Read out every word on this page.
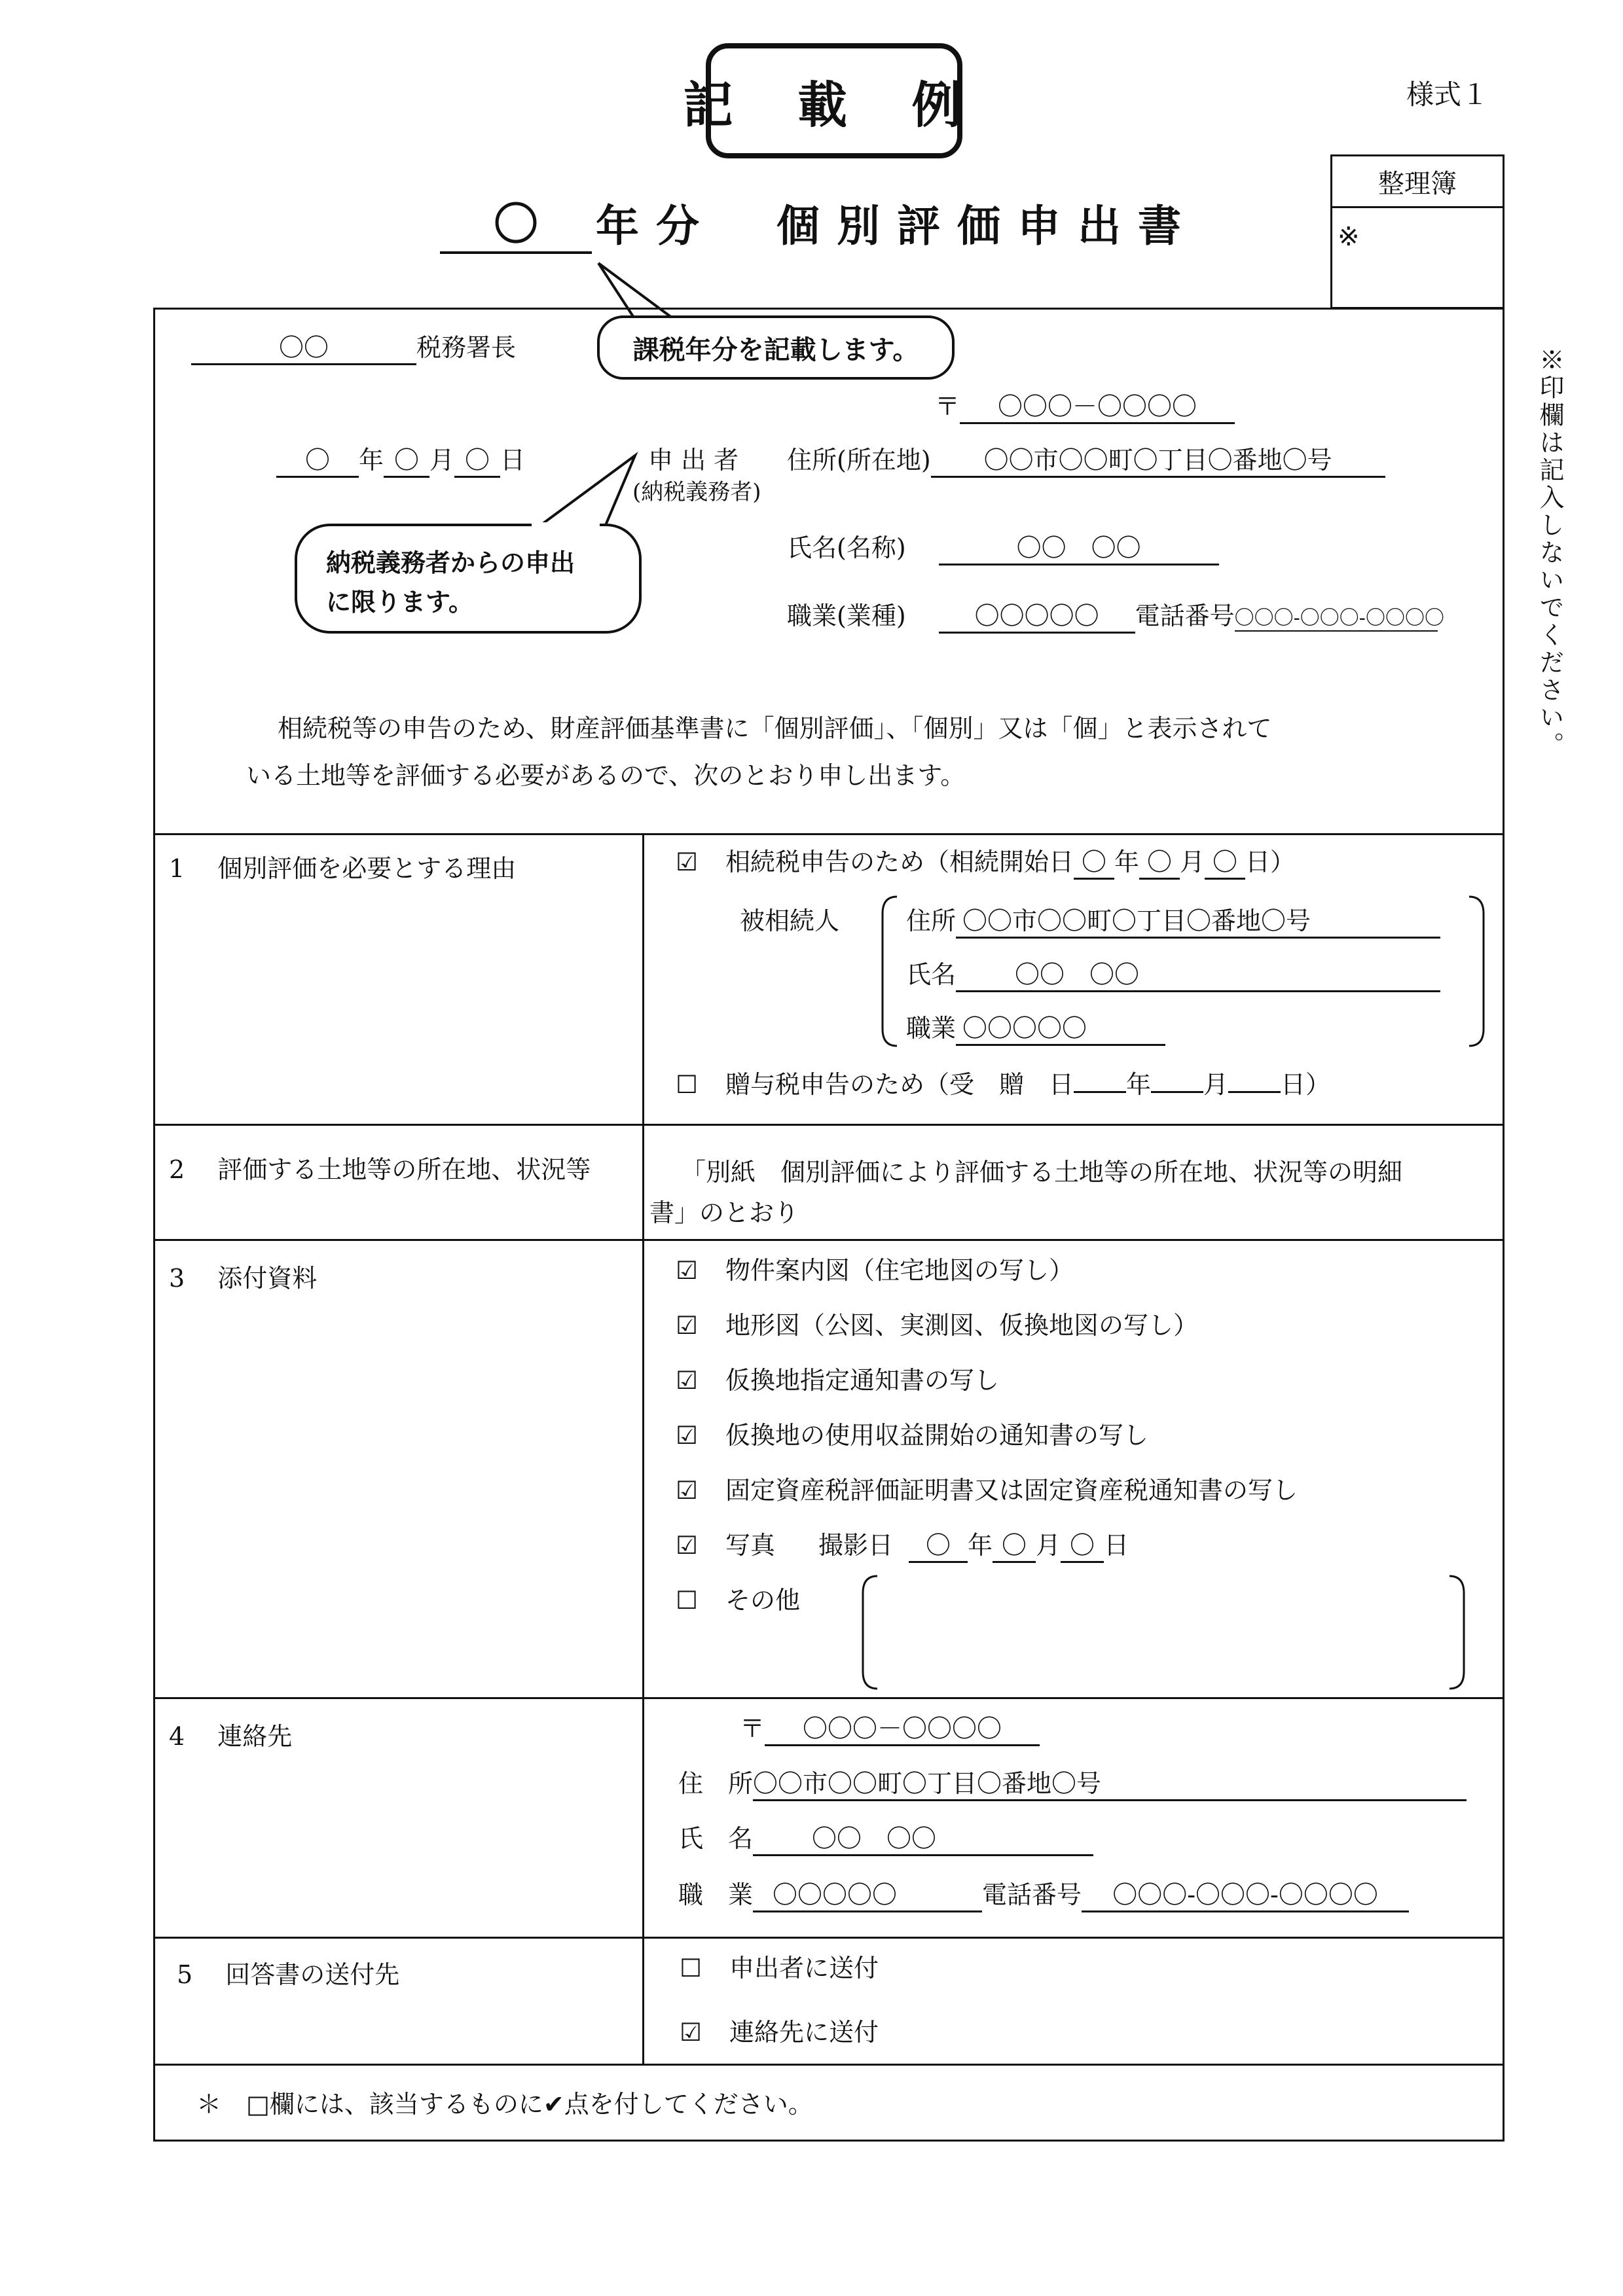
記 載 例	様式１
整理簿
※
〇	年分　個別評価申出書
課税年分を記載します。
〇〇	税務署長
〒 〇〇〇－〇〇〇〇
〇 年 〇 月 〇 日	申 出 者
(納税義務者)
住所(所在地) 〇〇市〇〇町〇丁目〇番地〇号
氏名(名称)	〇〇　〇〇
職業(業種)	〇〇〇〇〇 電話番号〇〇〇-〇〇〇-〇〇〇〇
納税義務者からの申出
に限ります。
相続税等の申告のため、財産評価基準書に「個別評価」、「個別」又は「個」と表示されて
いる土地等を評価する必要があるので、次のとおり申し出ます。
※印欄は記入しないでください。
1　 個別評価を必要とする理由	☑ 相続税申告のため（相続開始日 〇 年 〇 月 〇 日）
被相続人	住所 〇〇市〇〇町〇丁目〇番地〇号
氏名 〇〇　〇〇
職業 〇〇〇〇〇
☐ 贈与税申告のため（受　贈　日 年 月 日）
2　 評価する土地等の所在地、状況等	「別紙　個別評価により評価する土地等の所在地、状況等の明細
書」のとおり
3　 添付資料	☑ 物件案内図（住宅地図の写し）
☑ 地形図（公図、実測図、仮換地図の写し）
☑ 仮換地指定通知書の写し
☑ 仮換地の使用収益開始の通知書の写し
☑ 固定資産税評価証明書又は固定資産税通知書の写し
☑ 写真 撮影日 〇 年 〇 月 〇 日
☐ その他
4　 連絡先	〒 〇〇〇－〇〇〇〇
住　所〇〇市〇〇町〇丁目〇番地〇号
氏　名 〇〇　〇〇
職　業 〇〇〇〇〇	電話番号 〇〇〇-〇〇〇-〇〇〇〇
5　 回答書の送付先	☐ 申出者に送付
☑ 連絡先に送付
＊　□欄には、該当するものに✔点を付してください。
